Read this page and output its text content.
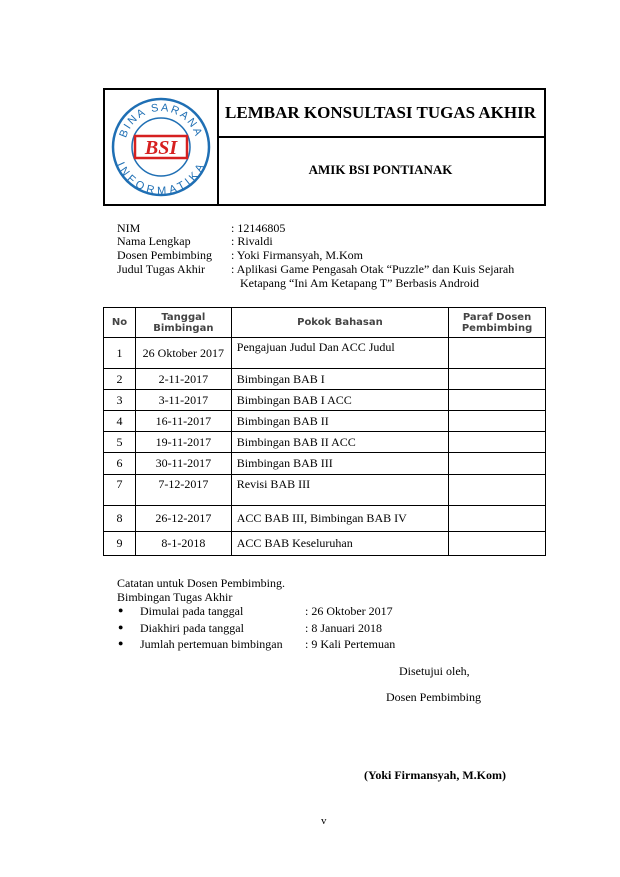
BINA SARANA
INFORMATIKA
BSI
LEMBAR KONSULTASI TUGAS AKHIR
AMIK BSI PONTIANAK
NIM	: 12146805
Nama Lengkap	: Rivaldi
Dosen Pembimbing : Yoki Firmansyah, M.Kom
Judul Tugas Akhir : Aplikasi Game Pengasah Otak “Puzzle” dan Kuis Sejarah
Ketapang “Ini Am Ketapang T” Berbasis Android
No	Tanggal Bimbingan	Pokok Bahasan	Paraf Dosen Pembimbing
1	26 Oktober 2017	Pengajuan Judul Dan ACC Judul	
2	2-11-2017	Bimbingan BAB I	
3	3-11-2017	Bimbingan BAB I ACC	
4	16-11-2017	Bimbingan BAB II	
5	19-11-2017	Bimbingan BAB II ACC	
6	30-11-2017	Bimbingan BAB III	
7	7-12-2017	Revisi BAB III	
8	26-12-2017	ACC BAB III, Bimbingan BAB IV	
9	8-1-2018	ACC BAB Keseluruhan	
Catatan untuk Dosen Pembimbing.
Bimbingan Tugas Akhir
● Dimulai pada tanggal	: 26 Oktober 2017
● Diakhiri pada tanggal	: 8 Januari 2018
● Jumlah pertemuan bimbingan : 9 Kali Pertemuan
Disetujui oleh,
Dosen Pembimbing
(Yoki Firmansyah, M.Kom)
v
